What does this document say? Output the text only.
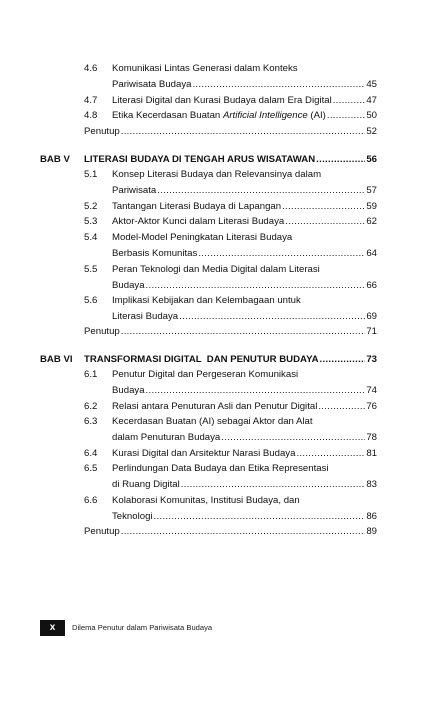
4.6 Komunikasi Lintas Generasi dalam Konteks
Pariwisata Budaya .....	45
4.7 Literasi Digital dan Kurasi Budaya dalam Era Digital .....	47
4.8 Etika Kecerdasan Buatan Artificial Intelligence (AI) .....	50
Penutup .....	52
BAB V LITERASI BUDAYA DI TENGAH ARUS WISATAWAN .....	56
5.1 Konsep Literasi Budaya dan Relevansinya dalam
Pariwisata .....	57
5.2 Tantangan Literasi Budaya di Lapangan .....	59
5.3 Aktor-Aktor Kunci dalam Literasi Budaya .....	62
5.4 Model-Model Peningkatan Literasi Budaya
Berbasis Komunitas .....	64
5.5 Peran Teknologi dan Media Digital dalam Literasi
Budaya .....	66
5.6 Implikasi Kebijakan dan Kelembagaan untuk
Literasi Budaya .....	69
Penutup .....	71
BAB VI TRANSFORMASI DIGITAL  DAN PENUTUR BUDAYA .....	73
6.1 Penutur Digital dan Pergeseran Komunikasi
Budaya .....	74
6.2 Relasi antara Penuturan Asli dan Penutur Digital .....	76
6.3 Kecerdasan Buatan (AI) sebagai Aktor dan Alat
dalam Penuturan Budaya .....	78
6.4 Kurasi Digital dan Arsitektur Narasi Budaya .....	81
6.5 Perlindungan Data Budaya dan Etika Representasi
di Ruang Digital .....	83
6.6 Kolaborasi Komunitas, Institusi Budaya, dan
Teknologi .....	86
Penutup .....	89
x	Dilema Penutur dalam Pariwisata Budaya
